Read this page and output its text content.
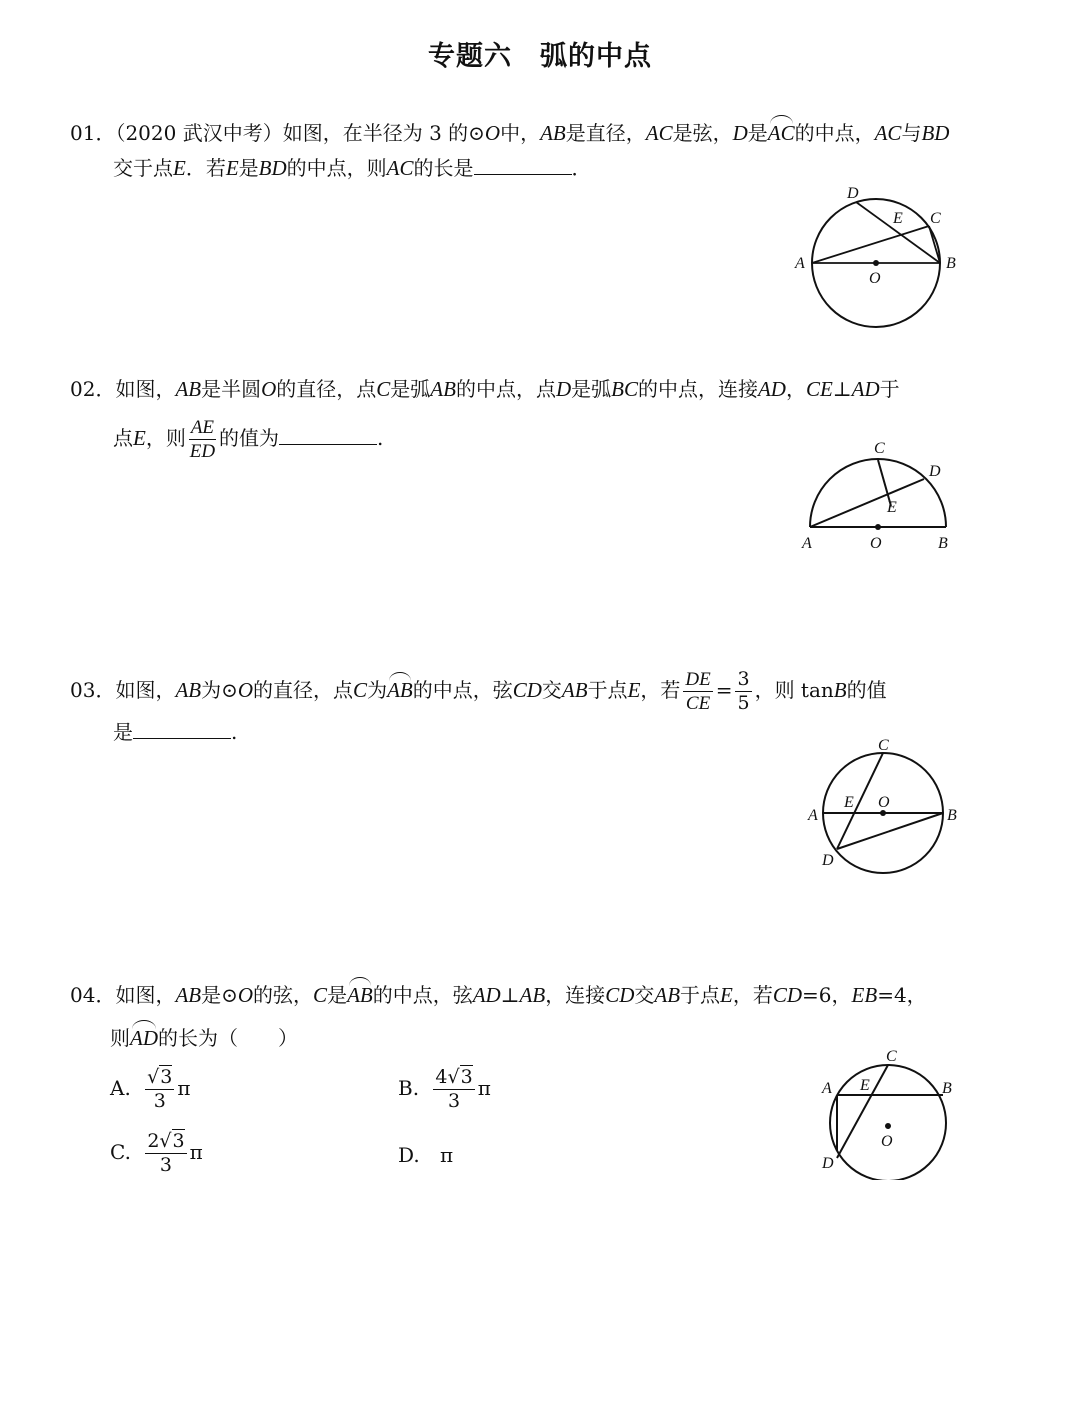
专题六　弧的中点
01．（2020 武汉中考）如图，在半径为 3 的⊙O中，AB是直径，AC是弦，D是AC的中点，AC与BD
交于点E．若E是BD的中点，则AC的长是	．
D
E C
A
O
B
02．如图，AB是半圆O的直径，点C是弧AB的中点，点D是弧BC的中点，连接AD，CE⊥AD于
点E，则 $\frac{AE}{ED}$ 的值为	.	C
D
E
A	O	B
03．如图，AB为⊙O的直径，点C为AB的中点，弦CD交AB于点E，若 $\frac{DE}{CE} = \frac{3}{5}$ ，则 tanB的值
是	.
C
A
E O
B
D
04．如图，AB是⊙O的弦，C是AB的中点，弦AD⊥AB，连接CD交AB于点E，若CD=6，EB=4，
则AD的长为（　　）
A. $\frac{√3}{3}$ π	B. $\frac{4√3}{3}$ π
C. $\frac{2√3}{3}$ π	D. π
C
A E	B
O
D
